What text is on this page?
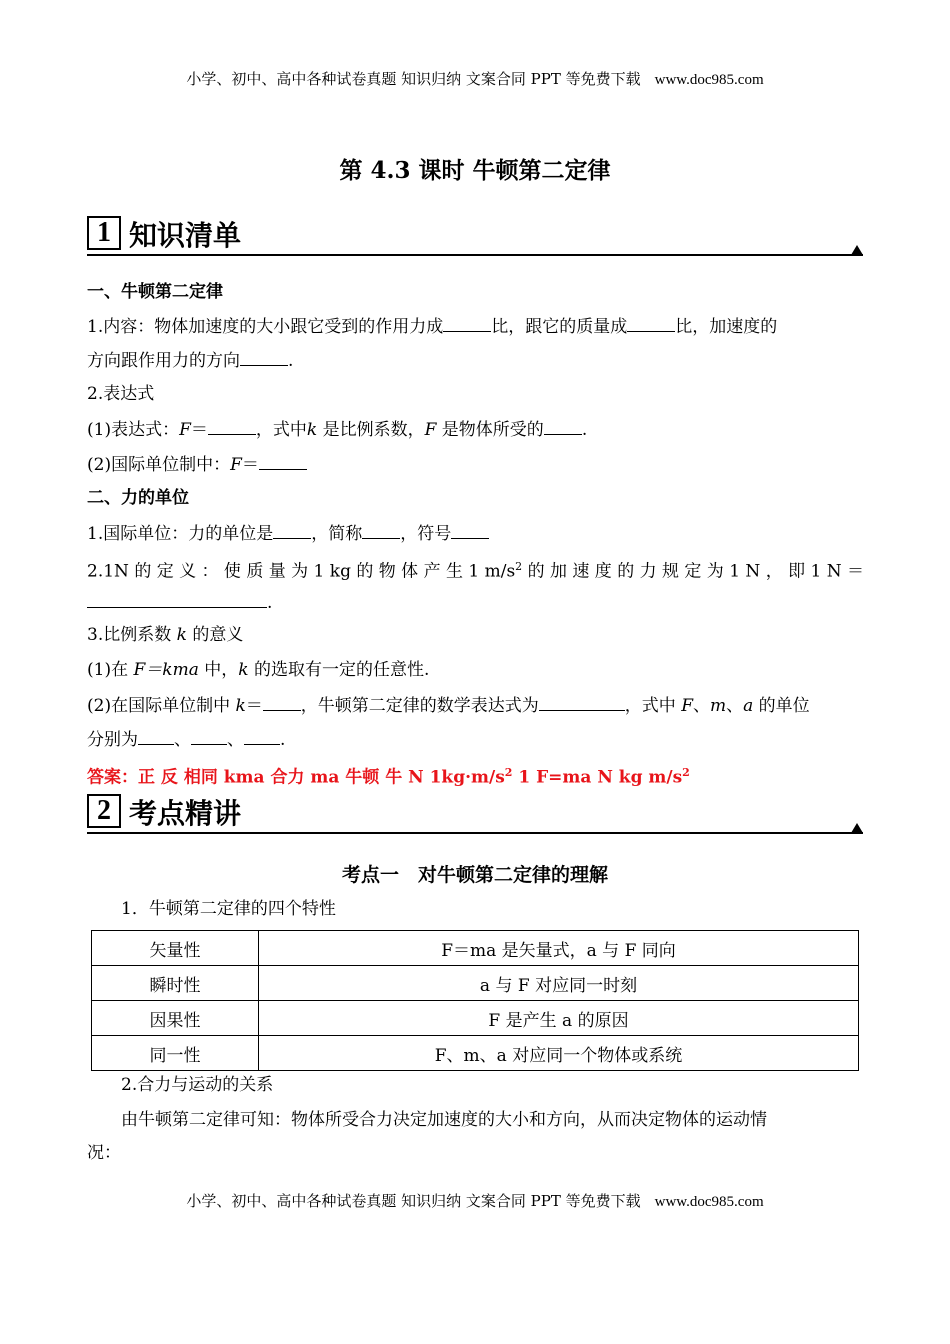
小学、初中、高中各种试卷真题 知识归纳 文案合同 PPT 等免费下载 www.doc985.com
第 4.3 课时 牛顿第二定律
1 知识清单
一、牛顿第二定律
1.内容：物体加速度的大小跟它受到的作用力成	比，跟它的质量成	比，加速度的
方向跟作用力的方向	.
2.表达式
(1)表达式：F＝	，式中k 是比例系数，F 是物体所受的 .
(2)国际单位制中：F＝
二、力的单位
1.国际单位：力的单位是 ，简称 ，符号
2.1N 的 定 义 ： 使 质 量 为 1 kg 的 物 体 产 生 1 $m/s^2$ 的 加 速 度 的 力 规 定 为 1 N ， 即 1 N ＝
.
3.比例系数 k 的意义
(1)在 F＝kma 中，k 的选取有一定的任意性.
(2)在国际单位制中 k＝ ，牛顿第二定律的数学表达式为	，式中 F、m、a 的单位
分别为 、 、 .
答案：正 反 相同 kma 合力 ma 牛顿 牛 N $1kg\cdot m/s^2$ 1 F=ma N kg $m/s^2$
2 考点精讲
考点一　对牛顿第二定律的理解
1．牛顿第二定律的四个特性
矢量性	F＝ma 是矢量式，a 与 F 同向
瞬时性	a 与 F 对应同一时刻
因果性	F 是产生 a 的原因
同一性	F、m、a 对应同一个物体或系统
2.合力与运动的关系
由牛顿第二定律可知：物体所受合力决定加速度的大小和方向，从而决定物体的运动情
况：
小学、初中、高中各种试卷真题 知识归纳 文案合同 PPT 等免费下载 www.doc985.com
